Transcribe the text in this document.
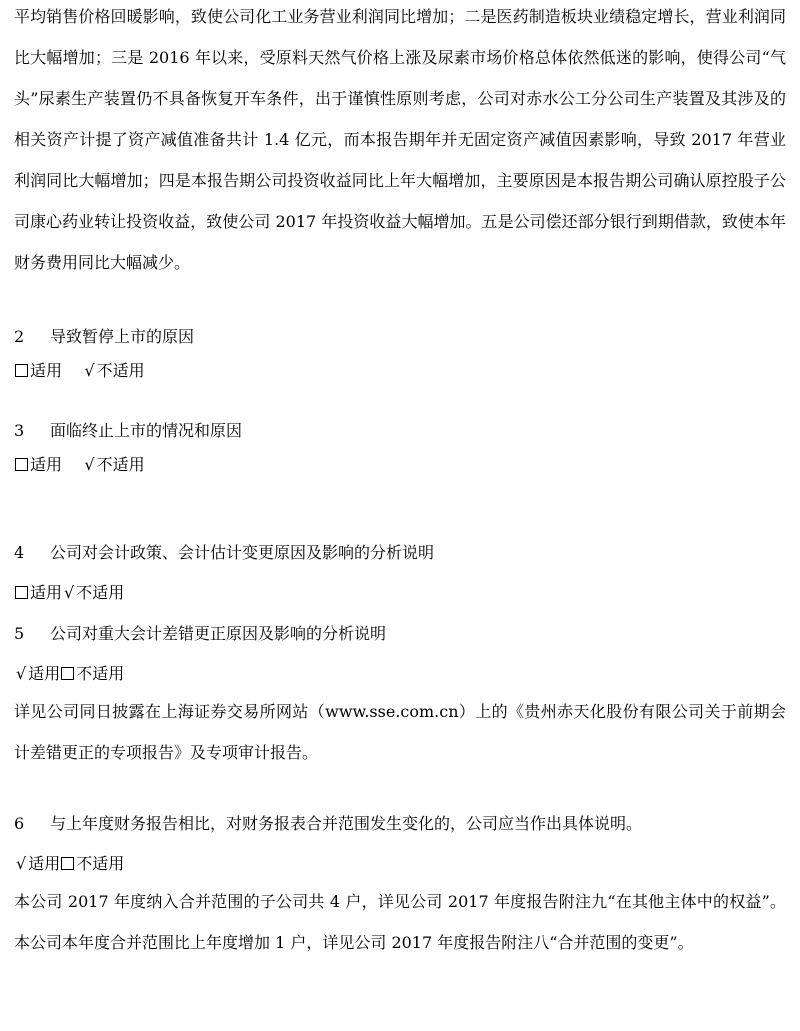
平均销售价格回暖影响，致使公司化工业务营业利润同比增加；二是医药制造板块业绩稳定增长，营业利润同比大幅增加；三是 2016 年以来，受原料天然气价格上涨及尿素市场价格总体依然低迷的影响，使得公司“气头”尿素生产装置仍不具备恢复开车条件，出于谨慎性原则考虑，公司对赤水公工分公司生产装置及其涉及的相关资产计提了资产减值准备共计 1.4 亿元，而本报告期年并无固定资产减值因素影响，导致 2017 年营业利润同比大幅增加；四是本报告期公司投资收益同比上年大幅增加，主要原因是本报告期公司确认原控股子公司康心药业转让投资收益，致使公司 2017 年投资收益大幅增加。五是公司偿还部分银行到期借款，致使本年财务费用同比大幅减少。

2 导致暂停上市的原因

适用 √ 不适用

3 面临终止上市的情况和原因

适用 √ 不适用

4 公司对会计政策、会计估计变更原因及影响的分析说明

适用 √ 不适用

5 公司对重大会计差错更正原因及影响的分析说明

√ 适用 不适用

详见公司同日披露在上海证券交易所网站（www.sse.com.cn）上的《贵州赤天化股份有限公司关于前期会计差错更正的专项报告》及专项审计报告。

6 与上年度财务报告相比，对财务报表合并范围发生变化的，公司应当作出具体说明。

√ 适用 不适用

本公司 2017 年度纳入合并范围的子公司共 4 户，详见公司 2017 年度报告附注九“在其他主体中的权益”。本公司本年度合并范围比上年度增加 1 户，详见公司 2017 年度报告附注八“合并范围的变更”。
